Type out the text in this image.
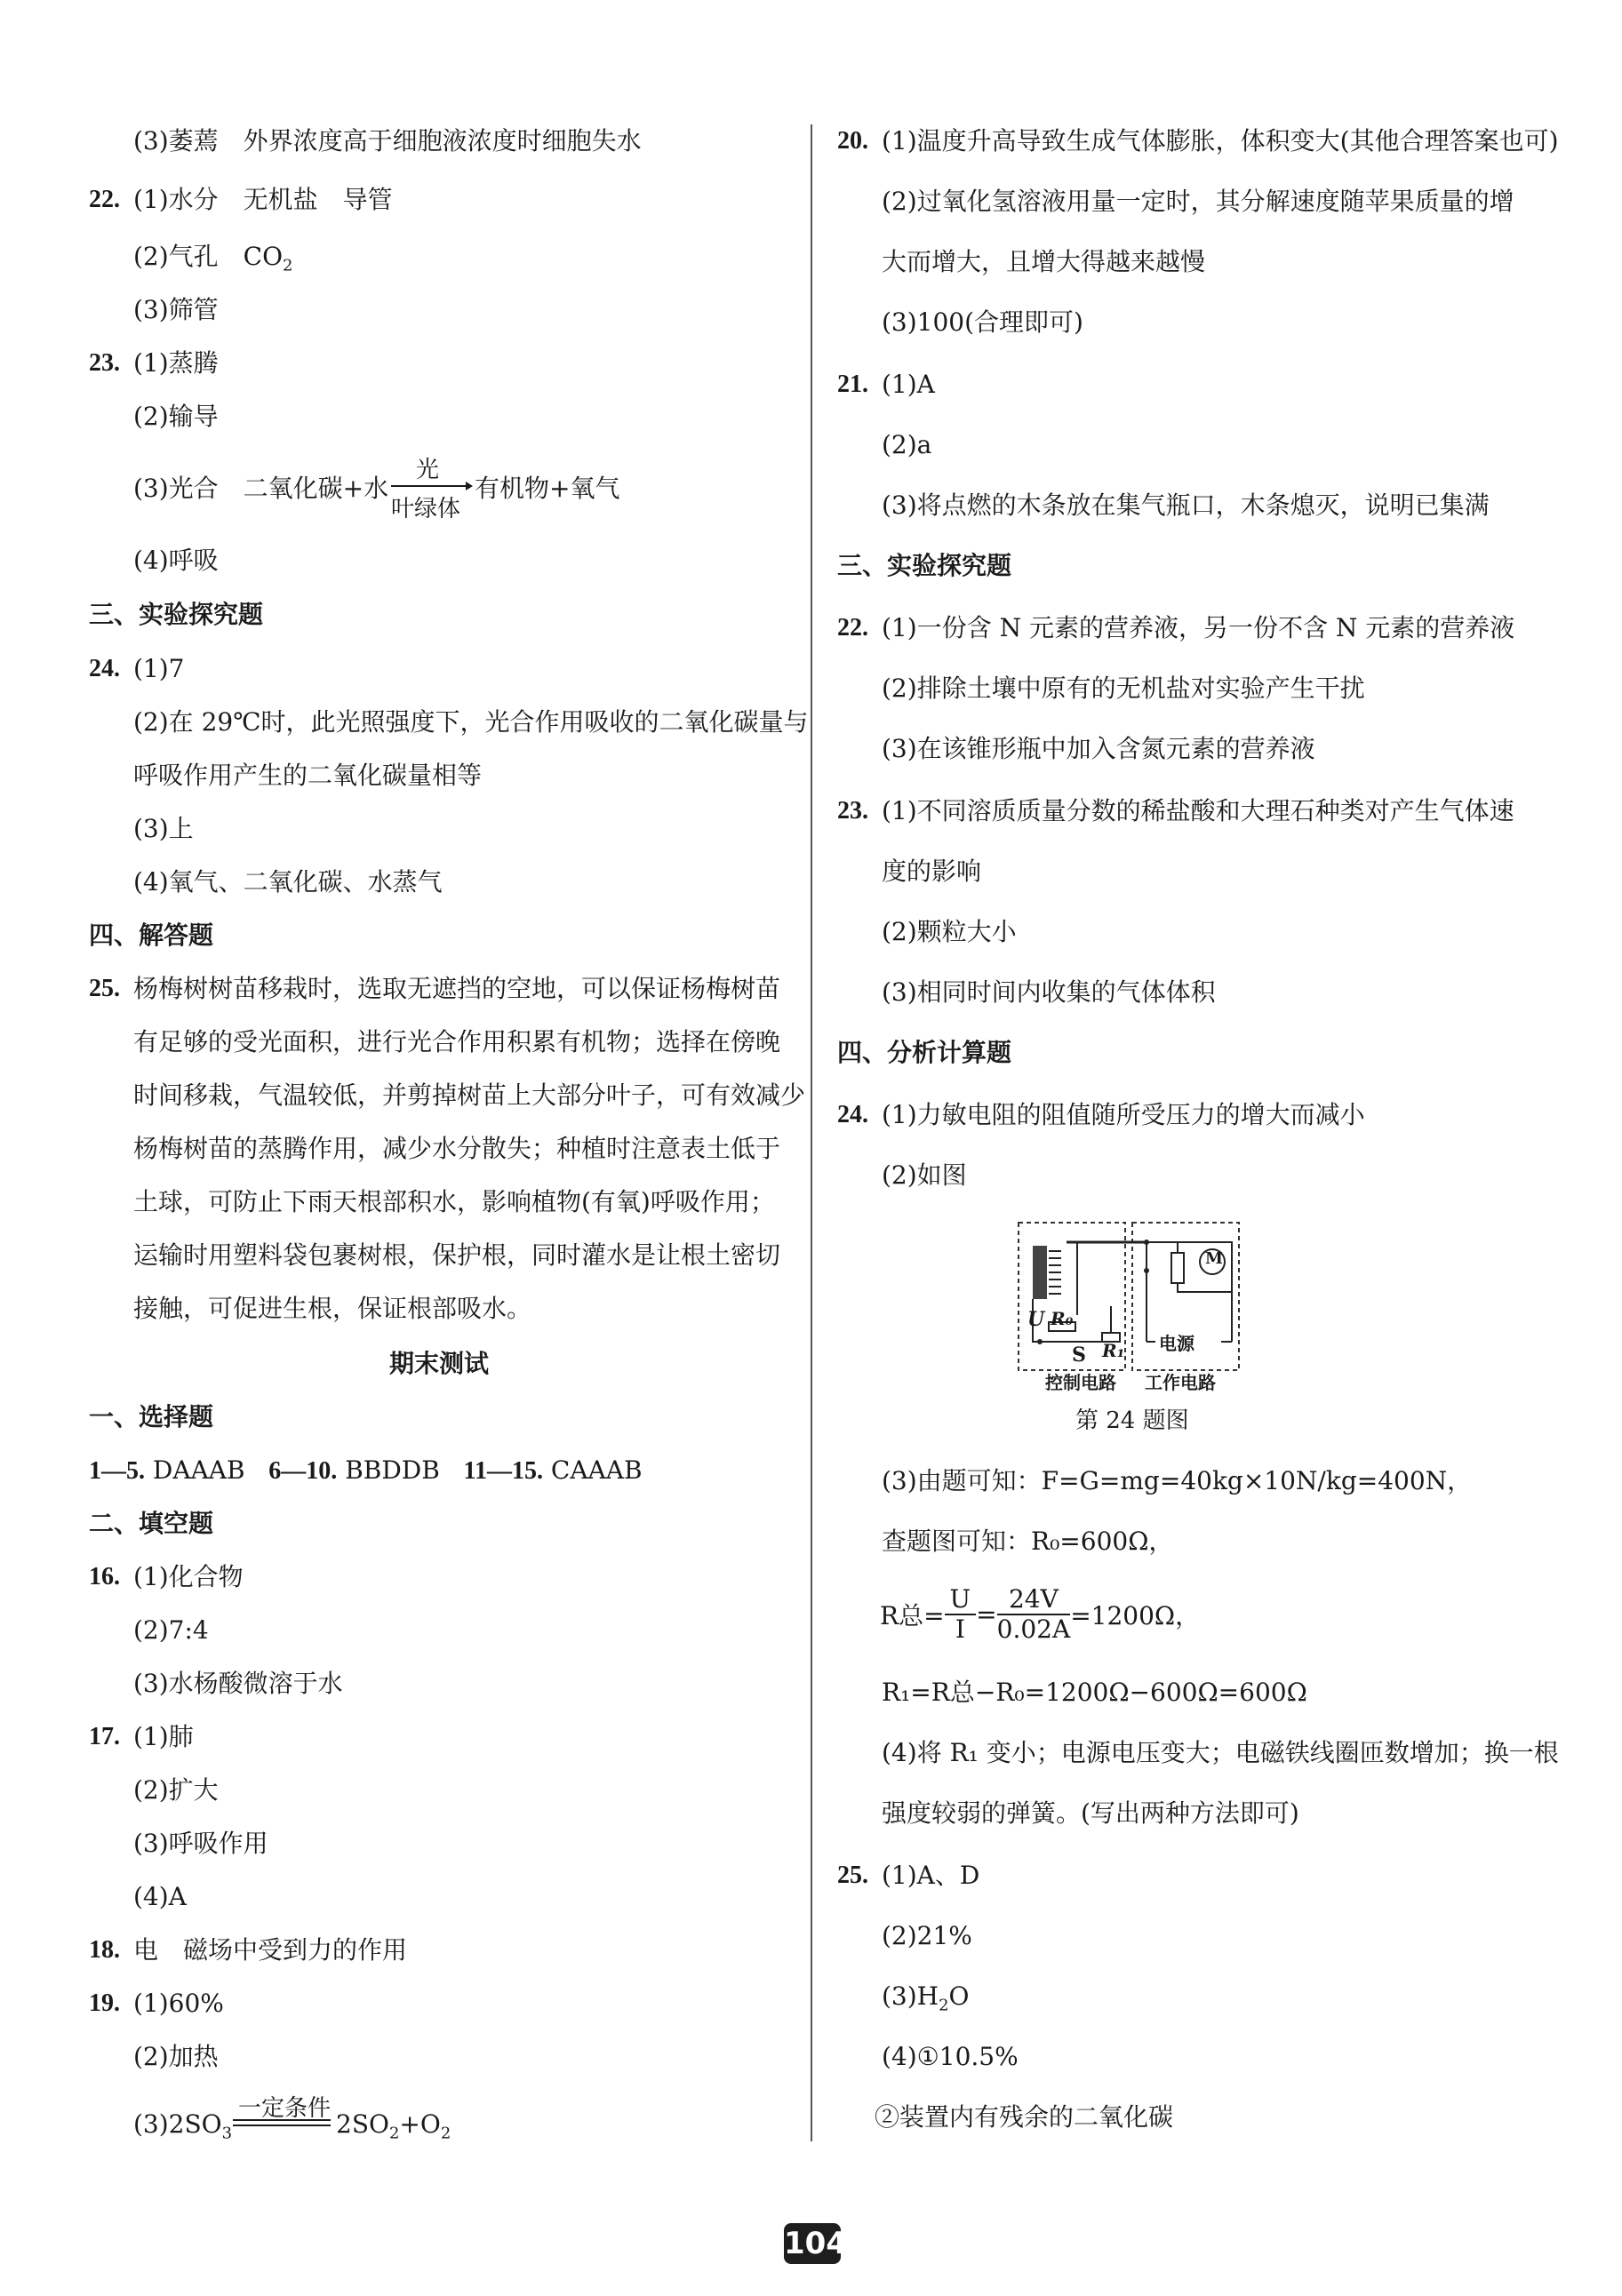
(3)萎蔫　外界浓度高于细胞液浓度时细胞失水
22. (1)水分　无机盐　导管
(2)气孔　$CO_2$
(3)筛管
23. (1)蒸腾
(2)输导
(3)光合　二氧化碳+水
光
叶绿体
有机物+氧气
(4)呼吸
三、实验探究题
24. (1)7
(2)在 29℃时，此光照强度下，光合作用吸收的二氧化碳量与
呼吸作用产生的二氧化碳量相等
(3)上
(4)氧气、二氧化碳、水蒸气
四、解答题
25. 杨梅树树苗移栽时，选取无遮挡的空地，可以保证杨梅树苗
有足够的受光面积，进行光合作用积累有机物；选择在傍晚
时间移栽，气温较低，并剪掉树苗上大部分叶子，可有效减少
杨梅树苗的蒸腾作用，减少水分散失；种植时注意表土低于
土球，可防止下雨天根部积水，影响植物(有氧)呼吸作用；
运输时用塑料袋包裹树根，保护根，同时灌水是让根土密切
接触，可促进生根，保证根部吸水。
期末测试
一、选择题
1—5. DAAAB 6—10. BBDDB 11—15. CAAAB
二、填空题
16. (1)化合物
(2)7:4
(3)水杨酸微溶于水
17. (1)肺
(2)扩大
(3)呼吸作用
(4)A
18. 电　磁场中受到力的作用
19. (1)60%
(2)加热
$(3)2SO_3$
一定条件
$2SO_2+O_2$
20. (1)温度升高导致生成气体膨胀，体积变大(其他合理答案也可)
(2)过氧化氢溶液用量一定时，其分解速度随苹果质量的增
大而增大，且增大得越来越慢
(3)100(合理即可)
21. (1)A
(2)a
(3)将点燃的木条放在集气瓶口，木条熄灭，说明已集满
三、实验探究题
22. (1)一份含 N 元素的营养液，另一份不含 N 元素的营养液
(2)排除土壤中原有的无机盐对实验产生干扰
(3)在该锥形瓶中加入含氮元素的营养液
23. (1)不同溶质质量分数的稀盐酸和大理石种类对产生气体速
度的影响
(2)颗粒大小
(3)相同时间内收集的气体体积
四、分析计算题
24. (1)力敏电阻的阻值随所受压力的增大而减小
(2)如图
U R₀
S R₁
M
电源
控制电路 工作电路
第 24 题图
(3)由题可知：F=G=mg=40kg×10N/kg=400N，
查题图可知：R₀=600Ω，
R总= $\frac{U}{I} = \frac{24V}{0.02A} =1200\Omega$，
R₁=R总−R₀=1200Ω−600Ω=600Ω
(4)将 R₁ 变小；电源电压变大；电磁铁线圈匝数增加；换一根
强度较弱的弹簧。(写出两种方法即可)
25. (1)A、D
(2)21%
$(3)H_2O$
(4)①10.5%
②装置内有残余的二氧化碳
104
